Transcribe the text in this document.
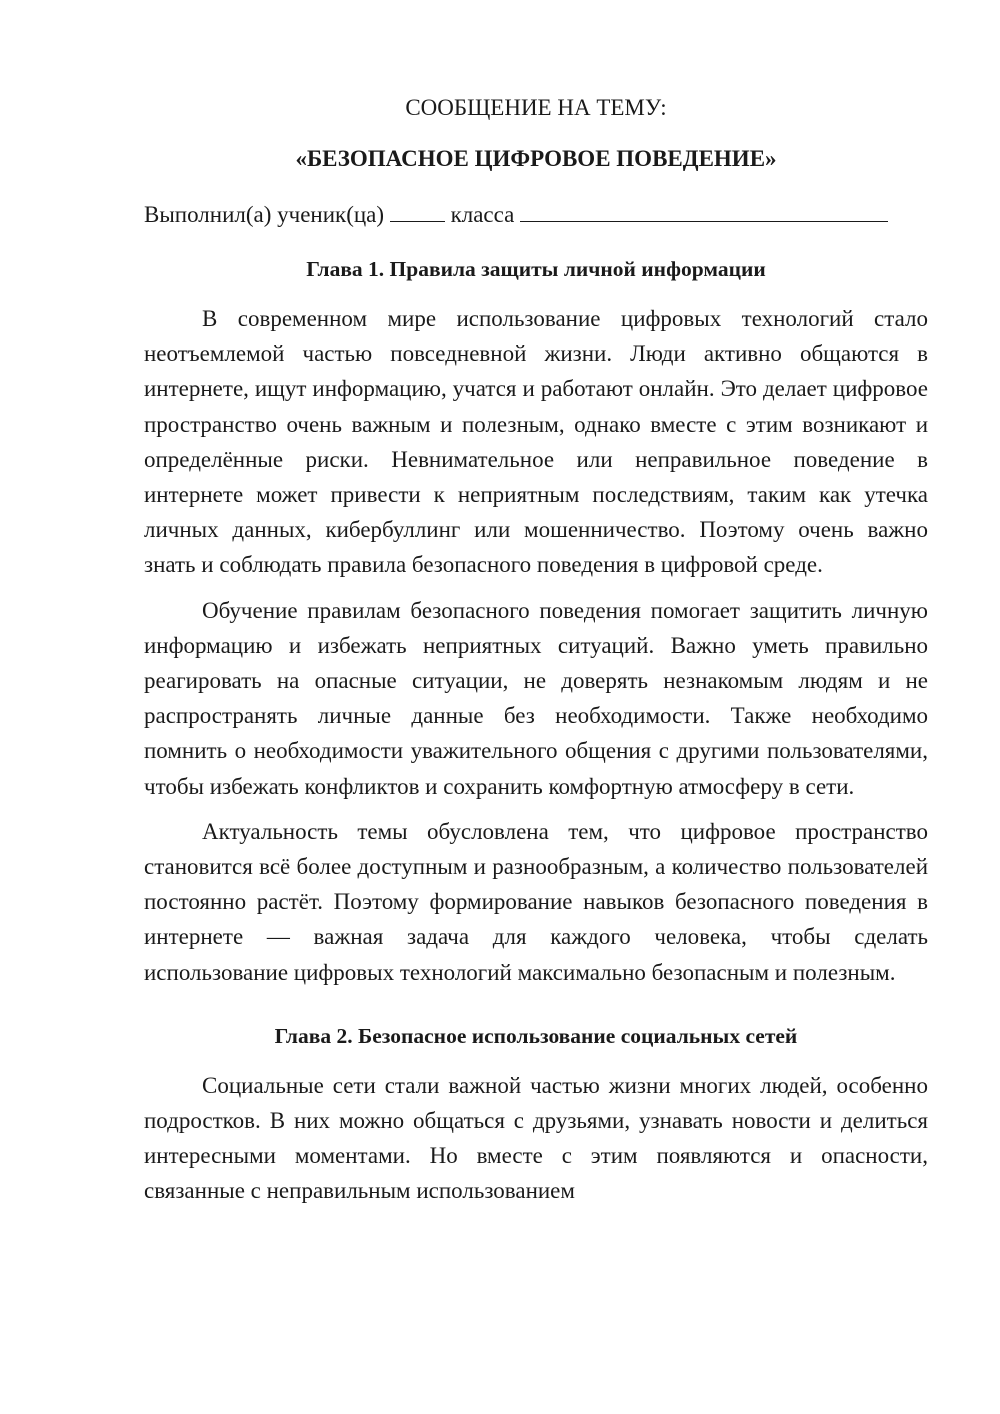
СООБЩЕНИЕ НА ТЕМУ:

«БЕЗОПАСНОЕ ЦИФРОВОЕ ПОВЕДЕНИЕ»

Выполнил(а) ученик(ца)	класса
Глава 1. Правила защиты личной информации

В современном мире использование цифровых технологий стало неотъемлемой частью повседневной жизни. Люди активно общаются в интернете, ищут информацию, учатся и работают онлайн. Это делает цифровое пространство очень важным и полезным, однако вместе с этим возникают и определённые риски. Невнимательное или неправильное поведение в интернете может привести к неприятным последствиям, таким как утечка личных данных, кибербуллинг или мошенничество. Поэтому очень важно знать и соблюдать правила безопасного поведения в цифровой среде.

Обучение правилам безопасного поведения помогает защитить личную информацию и избежать неприятных ситуаций. Важно уметь правильно реагировать на опасные ситуации, не доверять незнакомым людям и не распространять личные данные без необходимости. Также необходимо помнить о необходимости уважительного общения с другими пользователями, чтобы избежать конфликтов и сохранить комфортную атмосферу в сети.

Актуальность темы обусловлена тем, что цифровое пространство становится всё более доступным и разнообразным, а количество пользователей постоянно растёт. Поэтому формирование навыков безопасного поведения в интернете — важная задача для каждого человека, чтобы сделать использование цифровых технологий максимально безопасным и полезным.

Глава 2. Безопасное использование социальных сетей

Социальные сети стали важной частью жизни многих людей, особенно подростков. В них можно общаться с друзьями, узнавать новости и делиться интересными моментами. Но вместе с этим появляются и опасности, связанные с неправильным использованием
